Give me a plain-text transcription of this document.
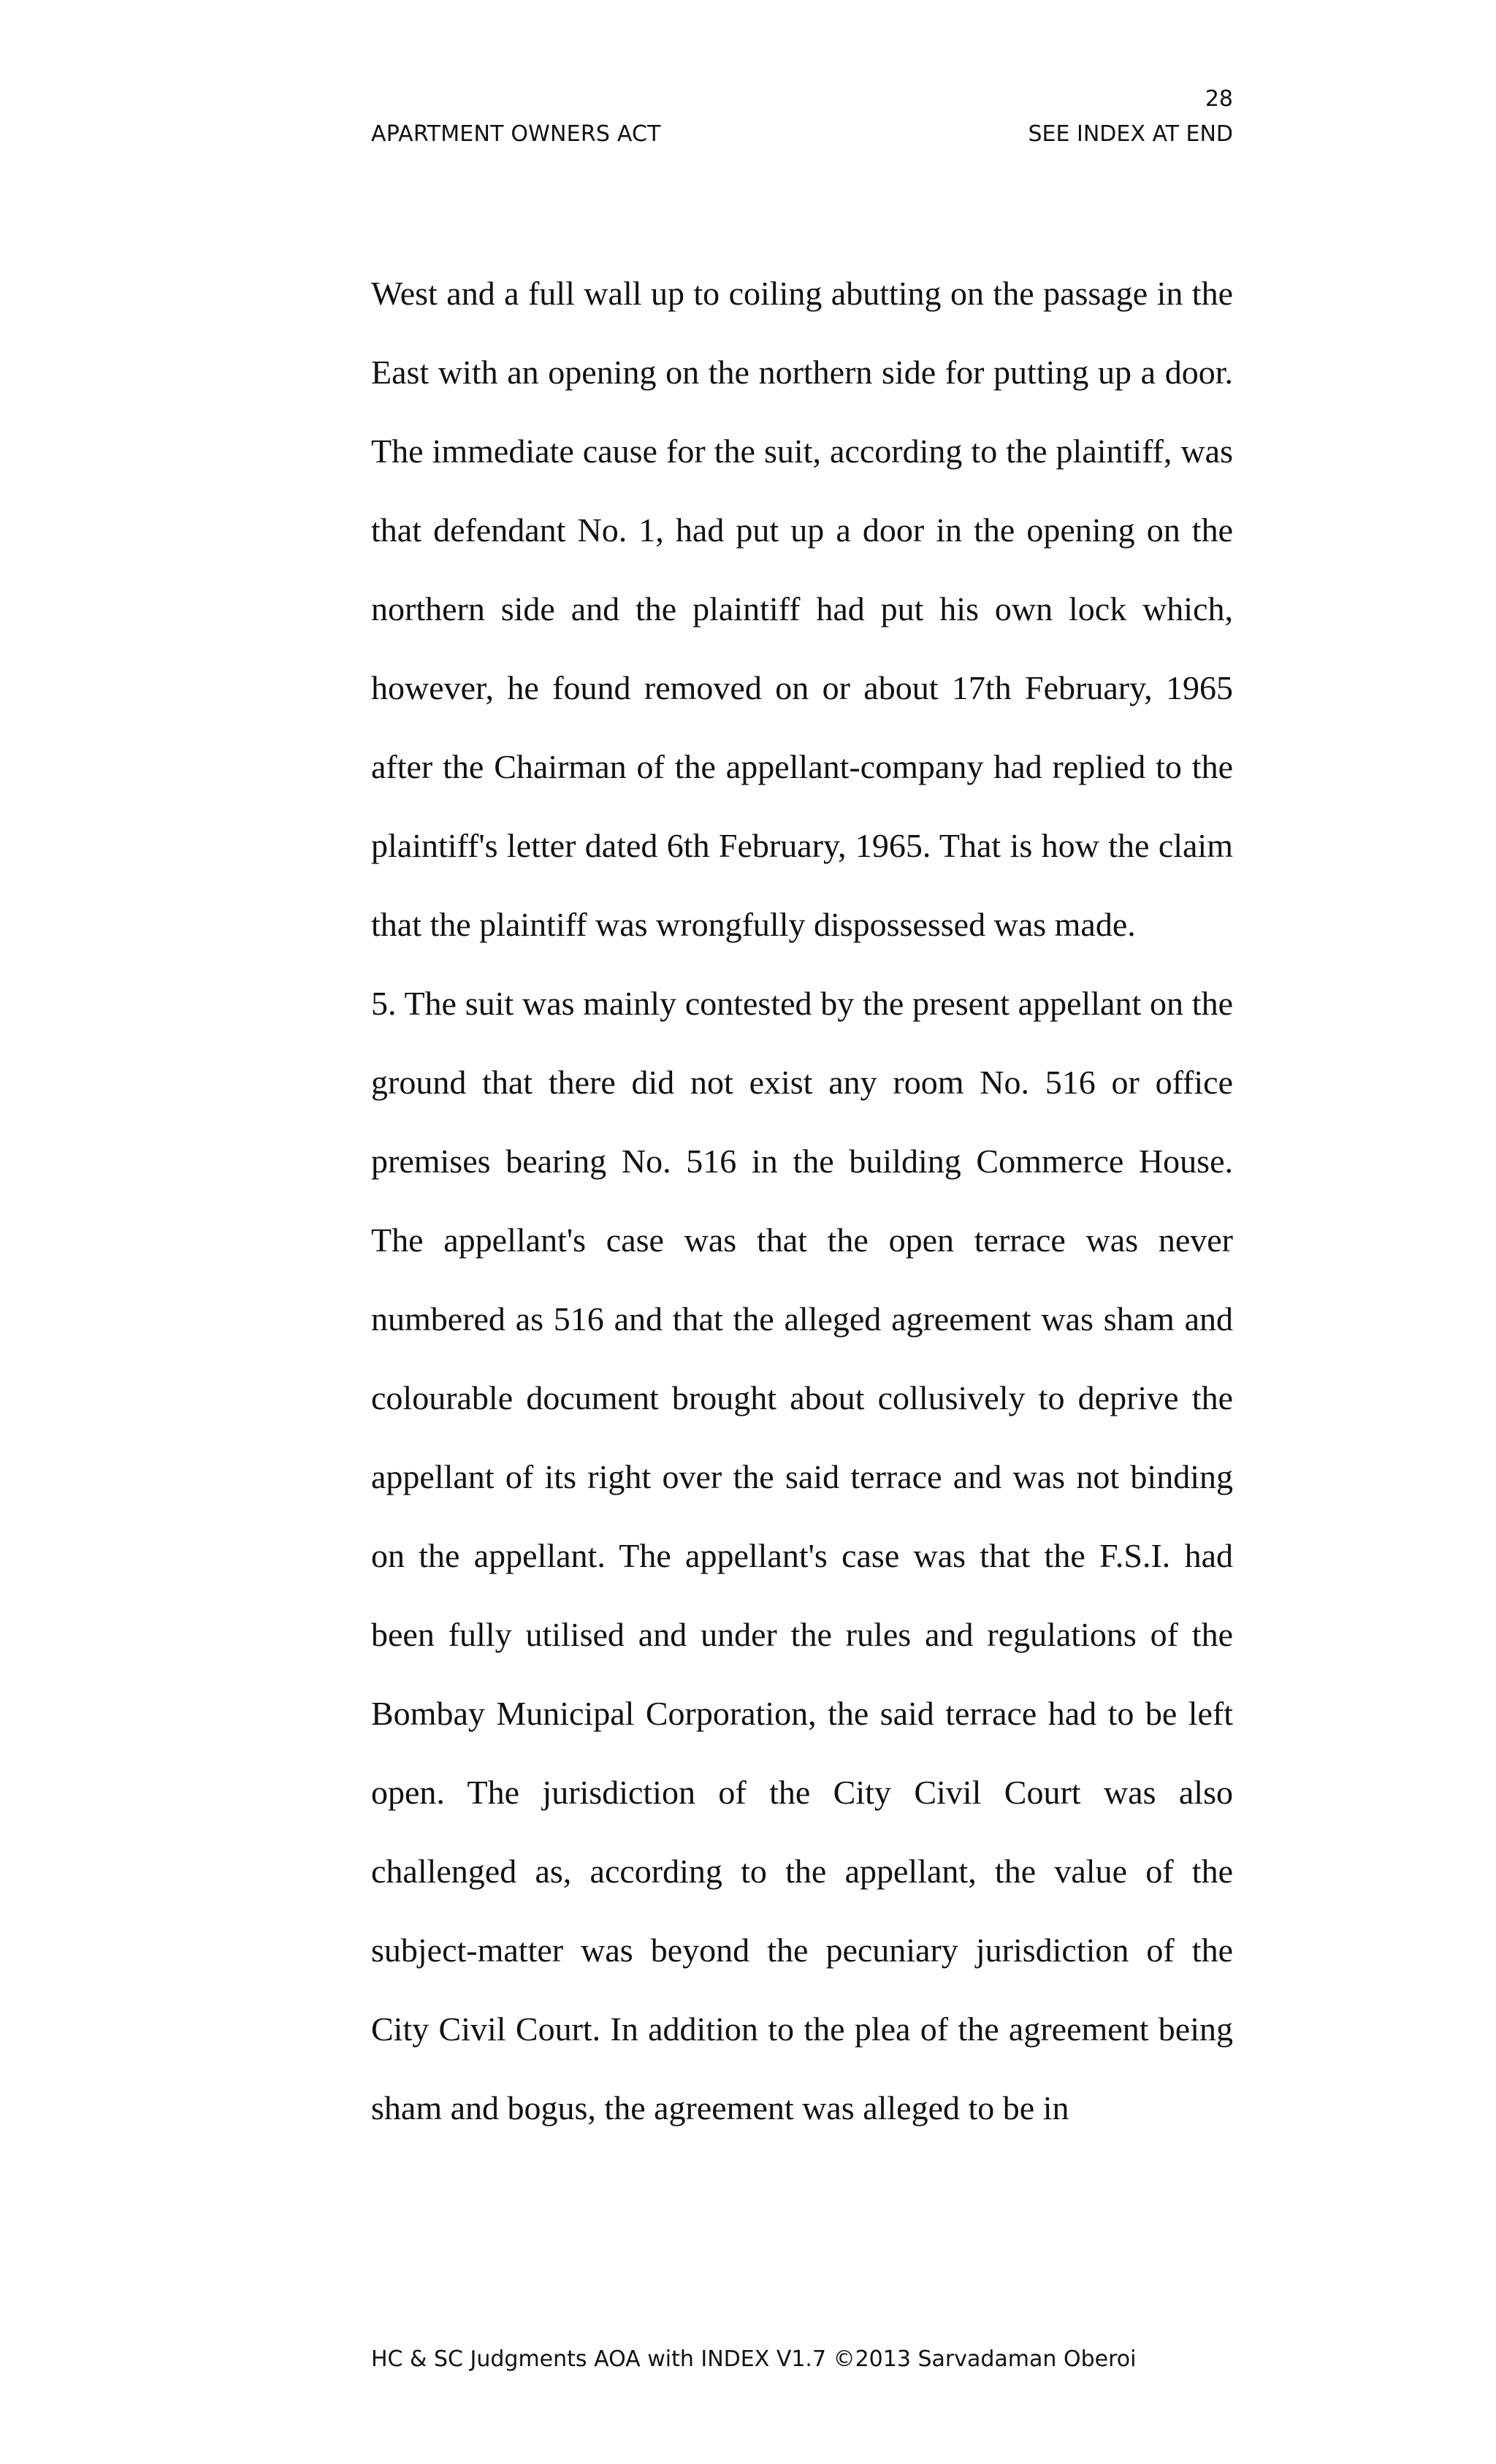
28
APARTMENT OWNERS ACT	SEE INDEX AT END

West and a full wall up to coiling abutting on the passage in the East with an opening on the northern side for putting up a door. The immediate cause for the suit, according to the plaintiff, was that defendant No. 1, had put up a door in the opening on the northern side and the plaintiff had put his own lock which, however, he found removed on or about 17th February, 1965 after the Chairman of the appellant-company had replied to the plaintiff's letter dated 6th February, 1965. That is how the claim that the plaintiff was wrongfully dispossessed was made.

5. The suit was mainly contested by the present appellant on the ground that there did not exist any room No. 516 or office premises bearing No. 516 in the building Commerce House. The appellant's case was that the open terrace was never numbered as 516 and that the alleged agreement was sham and colourable document brought about collusively to deprive the appellant of its right over the said terrace and was not binding on the appellant. The appellant's case was that the F.S.I. had been fully utilised and under the rules and regulations of the Bombay Municipal Corporation, the said terrace had to be left open. The jurisdiction of the City Civil Court was also challenged as, according to the appellant, the value of the subject-matter was beyond the pecuniary jurisdiction of the City Civil Court. In addition to the plea of the agreement being sham and bogus, the agreement was alleged to be in

HC & SC Judgments AOA with INDEX V1.7 ©2013 Sarvadaman Oberoi
